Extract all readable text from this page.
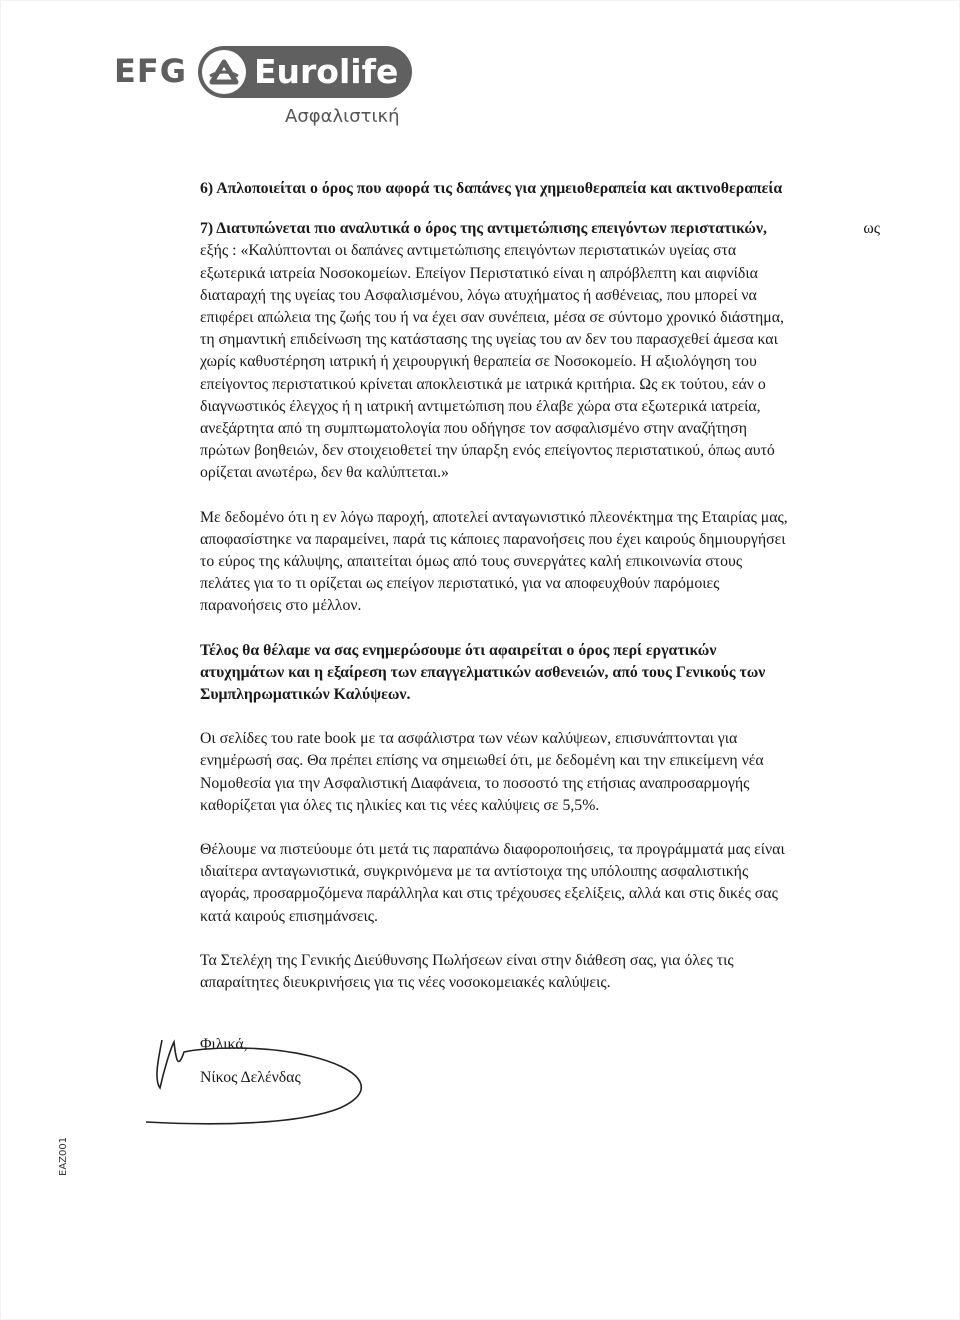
EFG Eurolife
Ασφαλιστική

6) Απλοποιείται ο όρος που αφορά τις δαπάνες για χημειοθεραπεία και ακτινοθεραπεία

7) Διατυπώνεται πιο αναλυτικά ο όρος της αντιμετώπισης επειγόντων περιστατικών,	ως
εξής : «Καλύπτονται οι δαπάνες αντιμετώπισης επειγόντων περιστατικών υγείας στα
εξωτερικά ιατρεία Νοσοκομείων. Επείγον Περιστατικό είναι η απρόβλεπτη και αιφνίδια
διαταραχή της υγείας του Ασφαλισμένου, λόγω ατυχήματος ή ασθένειας, που μπορεί να
επιφέρει απώλεια της ζωής του ή να έχει σαν συνέπεια, μέσα σε σύντομο χρονικό διάστημα,
τη σημαντική επιδείνωση της κατάστασης της υγείας του αν δεν του παρασχεθεί άμεσα και
χωρίς καθυστέρηση ιατρική ή χειρουργική θεραπεία σε Νοσοκομείο. Η αξιολόγηση του
επείγοντος περιστατικού κρίνεται αποκλειστικά με ιατρικά κριτήρια. Ως εκ τούτου, εάν ο
διαγνωστικός έλεγχος ή η ιατρική αντιμετώπιση που έλαβε χώρα στα εξωτερικά ιατρεία,
ανεξάρτητα από τη συμπτωματολογία που οδήγησε τον ασφαλισμένο στην αναζήτηση
πρώτων βοηθειών, δεν στοιχειοθετεί την ύπαρξη ενός επείγοντος περιστατικού, όπως αυτό
ορίζεται ανωτέρω, δεν θα καλύπτεται.»
Με δεδομένο ότι η εν λόγω παροχή, αποτελεί ανταγωνιστικό πλεονέκτημα της Εταιρίας μας,
αποφασίστηκε να παραμείνει, παρά τις κάποιες παρανοήσεις που έχει καιρούς δημιουργήσει
το εύρος της κάλυψης, απαιτείται όμως από τους συνεργάτες καλή επικοινωνία στους
πελάτες για το τι ορίζεται ως επείγον περιστατικό, για να αποφευχθούν παρόμοιες
παρανοήσεις στο μέλλον.
Τέλος θα θέλαμε να σας ενημερώσουμε ότι αφαιρείται ο όρος περί εργατικών
ατυχημάτων και η εξαίρεση των επαγγελματικών ασθενειών, από τους Γενικούς των
Συμπληρωματικών Καλύψεων.
Οι σελίδες του rate book με τα ασφάλιστρα των νέων καλύψεων, επισυνάπτονται για
ενημέρωσή σας. Θα πρέπει επίσης να σημειωθεί ότι, με δεδομένη και την επικείμενη νέα
Νομοθεσία για την Ασφαλιστική Διαφάνεια, το ποσοστό της ετήσιας αναπροσαρμογής
καθορίζεται για όλες τις ηλικίες και τις νέες καλύψεις σε 5,5%.
Θέλουμε να πιστεύουμε ότι μετά τις παραπάνω διαφοροποιήσεις, τα προγράμματά μας είναι
ιδιαίτερα ανταγωνιστικά, συγκρινόμενα με τα αντίστοιχα της υπόλοιπης ασφαλιστικής
αγοράς, προσαρμοζόμενα παράλληλα και στις τρέχουσες εξελίξεις, αλλά και στις δικές σας
κατά καιρούς επισημάνσεις.
Τα Στελέχη της Γενικής Διεύθυνσης Πωλήσεων είναι στην διάθεση σας, για όλες τις
απαραίτητες διευκρινήσεις για τις νέες νοσοκομειακές καλύψεις.

Φιλικά,

Νίκος Δελένδας
EAZ001
